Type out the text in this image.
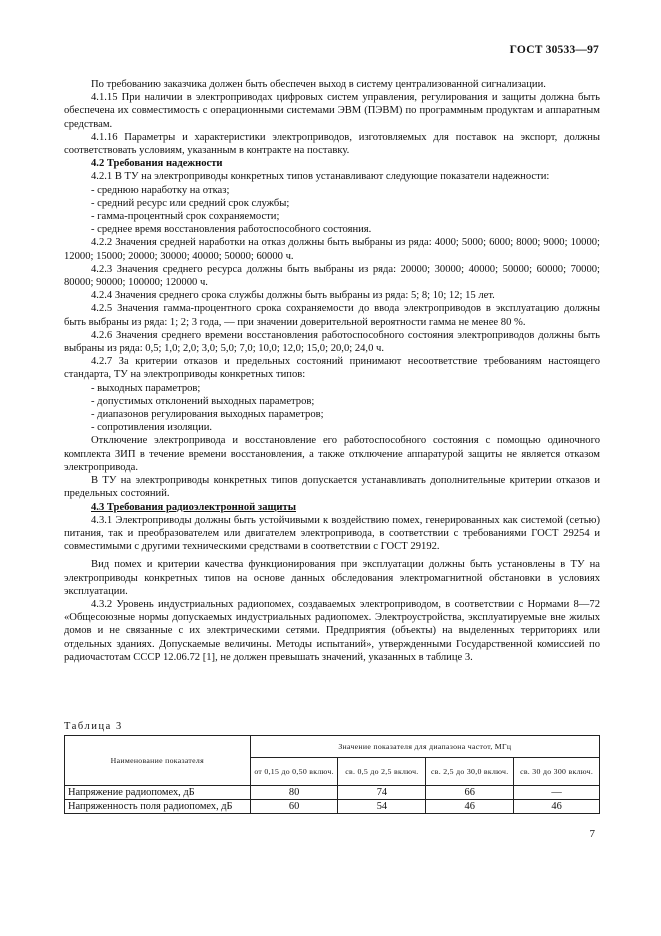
ГОСТ 30533—97
По требованию заказчика должен быть обеспечен выход в систему централизованной сигнализации.
4.1.15 При наличии в электроприводах цифровых систем управления, регулирования и защиты должна быть обеспечена их совместимость с операционными системами ЭВМ (ПЭВМ) по программным продуктам и аппаратным средствам.
4.1.16 Параметры и характеристики электроприводов, изготовляемых для поставок на экспорт, должны соответствовать условиям, указанным в контракте на поставку.
4.2 Требования надежности
4.2.1 В ТУ на электроприводы конкретных типов устанавливают следующие показатели надежности:
- среднюю наработку на отказ;
- средний ресурс или средний срок службы;
- гамма-процентный срок сохраняемости;
- среднее время восстановления работоспособного состояния.
4.2.2 Значения средней наработки на отказ должны быть выбраны из ряда: 4000; 5000; 6000; 8000; 9000; 10000; 12000; 15000; 20000; 30000; 40000; 50000; 60000 ч.
4.2.3 Значения среднего ресурса должны быть выбраны из ряда: 20000; 30000; 40000; 50000; 60000; 70000; 80000; 90000; 100000; 120000 ч.
4.2.4 Значения среднего срока службы должны быть выбраны из ряда: 5; 8; 10; 12; 15 лет.
4.2.5 Значения гамма-процентного срока сохраняемости до ввода электроприводов в эксплуатацию должны быть выбраны из ряда: 1; 2; 3 года, — при значении доверительной вероятности гамма не менее 80 %.
4.2.6 Значения среднего времени восстановления работоспособного состояния электроприводов должны быть выбраны из ряда: 0,5; 1,0; 2,0; 3,0; 5,0; 7,0; 10,0; 12,0; 15,0; 20,0; 24,0 ч.
4.2.7 За критерии отказов и предельных состояний принимают несоответствие требованиям настоящего стандарта, ТУ на электроприводы конкретных типов:
- выходных параметров;
- допустимых отклонений выходных параметров;
- диапазонов регулирования выходных параметров;
- сопротивления изоляции.
Отключение электропривода и восстановление его работоспособного состояния с помощью одиночного комплекта ЗИП в течение времени восстановления, а также отключение аппаратурой защиты не является отказом электропривода.
В ТУ на электроприводы конкретных типов допускается устанавливать дополнительные критерии отказов и предельных состояний.
4.3 Требования радиоэлектронной защиты
4.3.1 Электроприводы должны быть устойчивыми к воздействию помех, генерированных как системой (сетью) питания, так и преобразователем или двигателем электропривода, в соответствии с требованиями ГОСТ 29254 и совместимыми с другими техническими средствами в соответствии с ГОСТ 29192.
Вид помех и критерии качества функционирования при эксплуатации должны быть установлены в ТУ на электроприводы конкретных типов на основе данных обследования электромагнитной обстановки в условиях эксплуатации.
4.3.2 Уровень индустриальных радиопомех, создаваемых электроприводом, в соответствии с Нормами 8—72 «Общесоюзные нормы допускаемых индустриальных радиопомех. Электроустройства, эксплуатируемые вне жилых домов и не связанные с их электрическими сетями. Предприятия (объекты) на выделенных территориях или отдельных зданиях. Допускаемые величины. Методы испытаний», утвержденными Государственной комиссией по радиочастотам СССР 12.06.72 [1], не должен превышать значений, указанных в таблице 3.
Таблица 3
Наименование показателя	Значение показателя для диапазона частот, МГц			
	от 0,15 до 0,50 включ.	св. 0,5 до 2,5 включ.	св. 2,5 до 30,0 включ.	св. 30 до 300 включ.
Напряжение радиопомех, дБ	80	74	66	—
Напряженность поля радиопомех, дБ	60	54	46	46
7
